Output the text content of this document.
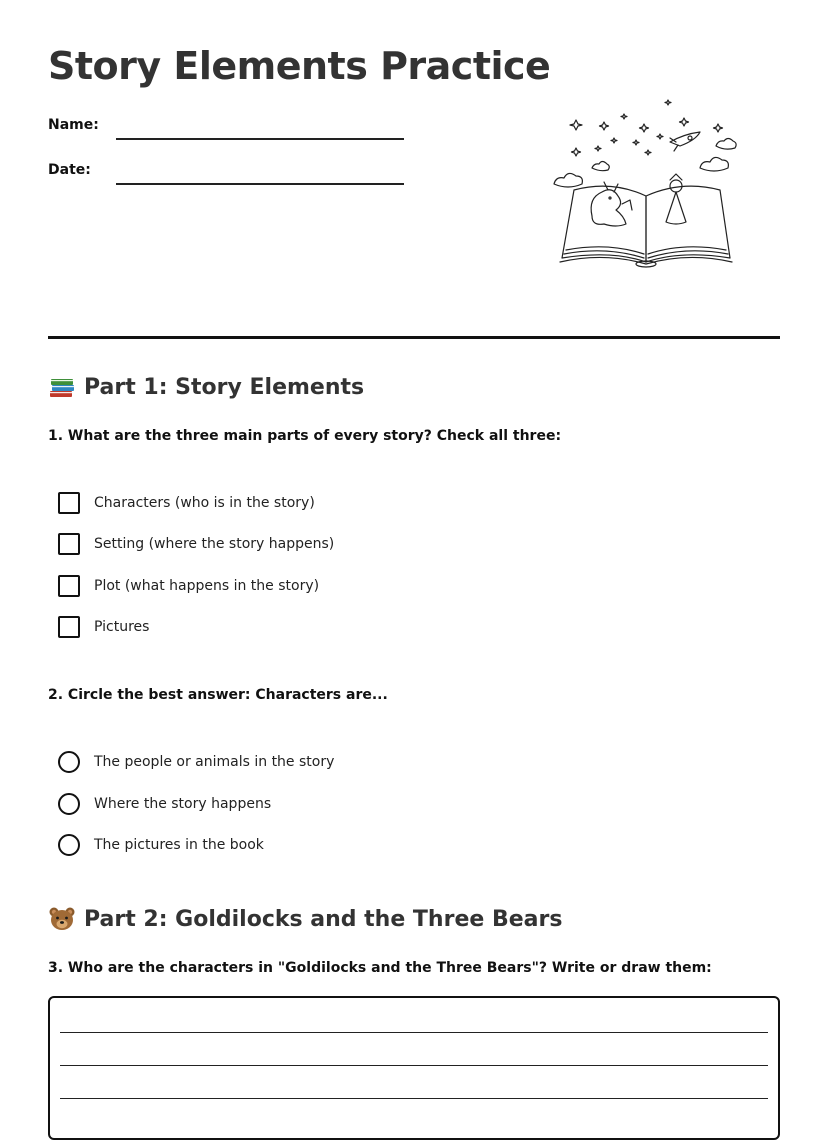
Story Elements Practice
Name:
Date:
Part 1: Story Elements
1. What are the three main parts of every story? Check all three:
Characters (who is in the story)
Setting (where the story happens)
Plot (what happens in the story)
Pictures
2. Circle the best answer: Characters are...
The people or animals in the story
Where the story happens
The pictures in the book
Part 2: Goldilocks and the Three Bears
3. Who are the characters in "Goldilocks and the Three Bears"? Write or draw them:
